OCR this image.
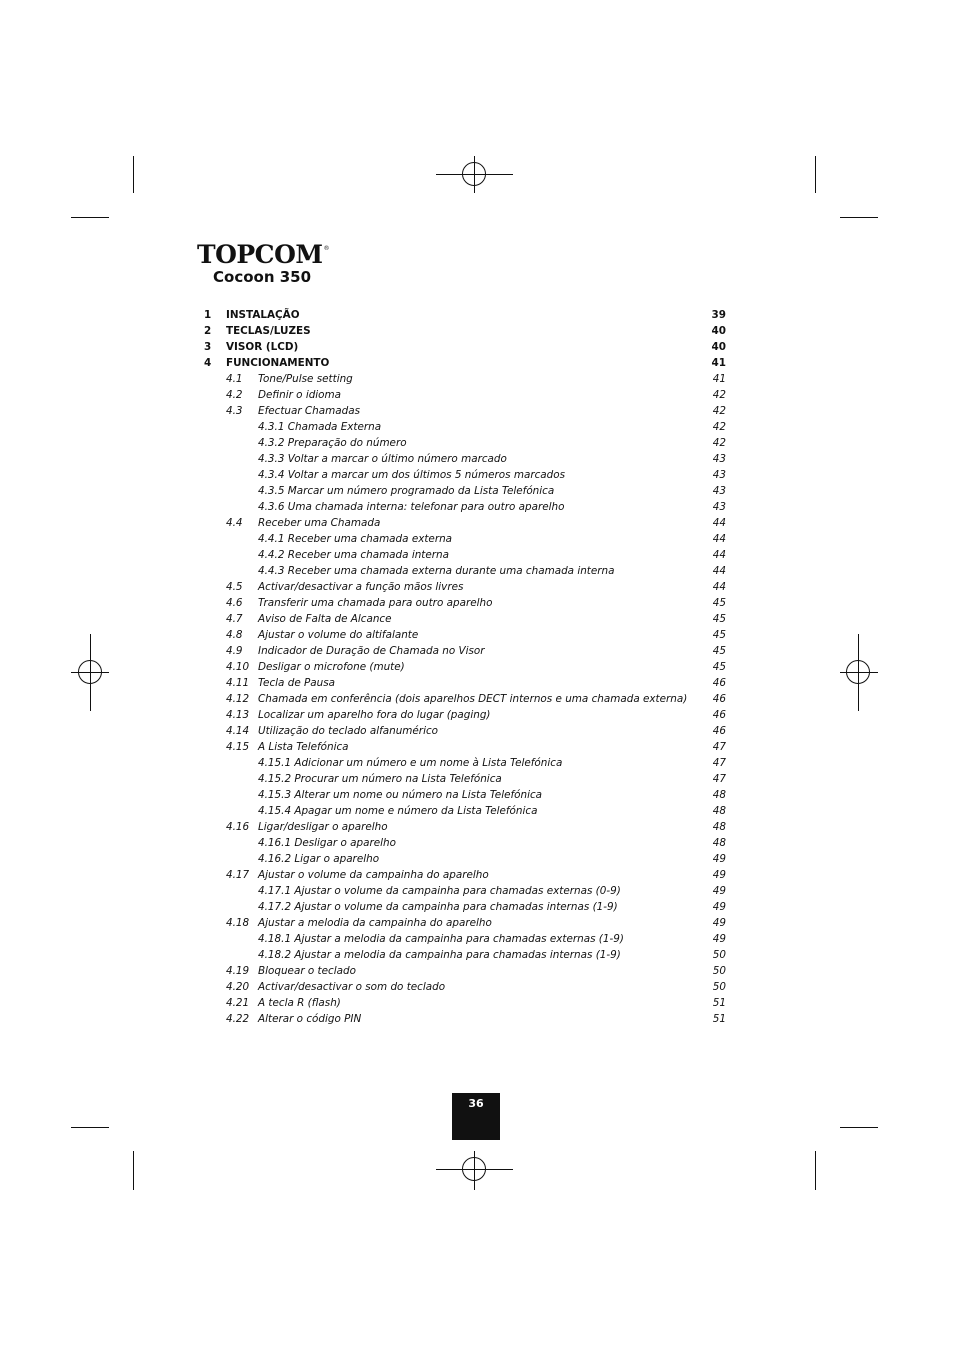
TOPCOM®
Cocoon 350
1 INSTALAÇÃO	39
2 TECLAS/LUZES	40
3 VISOR (LCD)	40
4 FUNCIONAMENTO	41
4.1 Tone/Pulse setting	41
4.2 Definir o idioma	42
4.3 Efectuar Chamadas	42
4.3.1 Chamada Externa	42
4.3.2 Preparação do número	42
4.3.3 Voltar a marcar o último número marcado	43
4.3.4 Voltar a marcar um dos últimos 5 números marcados	43
4.3.5 Marcar um número programado da Lista Telefónica	43
4.3.6 Uma chamada interna: telefonar para outro aparelho	43
4.4 Receber uma Chamada	44
4.4.1 Receber uma chamada externa	44
4.4.2 Receber uma chamada interna	44
4.4.3 Receber uma chamada externa durante uma chamada interna	44
4.5 Activar/desactivar a função mãos livres	44
4.6 Transferir uma chamada para outro aparelho	45
4.7 Aviso de Falta de Alcance	45
4.8 Ajustar o volume do altifalante	45
4.9 Indicador de Duração de Chamada no Visor	45
4.10 Desligar o microfone (mute)	45
4.11 Tecla de Pausa	46
4.12 Chamada em conferência (dois aparelhos DECT internos e uma chamada externa) 46
4.13 Localizar um aparelho fora do lugar (paging)	46
4.14 Utilização do teclado alfanumérico	46
4.15 A Lista Telefónica	47
4.15.1 Adicionar um número e um nome à Lista Telefónica	47
4.15.2 Procurar um número na Lista Telefónica	47
4.15.3 Alterar um nome ou número na Lista Telefónica	48
4.15.4 Apagar um nome e número da Lista Telefónica	48
4.16 Ligar/desligar o aparelho	48
4.16.1 Desligar o aparelho	48
4.16.2 Ligar o aparelho	49
4.17 Ajustar o volume da campainha do aparelho	49
4.17.1 Ajustar o volume da campainha para chamadas externas (0-9)	49
4.17.2 Ajustar o volume da campainha para chamadas internas (1-9)	49
4.18 Ajustar a melodia da campainha do aparelho	49
4.18.1 Ajustar a melodia da campainha para chamadas externas (1-9)	49
4.18.2 Ajustar a melodia da campainha para chamadas internas (1-9)	50
4.19 Bloquear o teclado	50
4.20 Activar/desactivar o som do teclado	50
4.21 A tecla R (flash)	51
4.22 Alterar o código PIN	51
36
